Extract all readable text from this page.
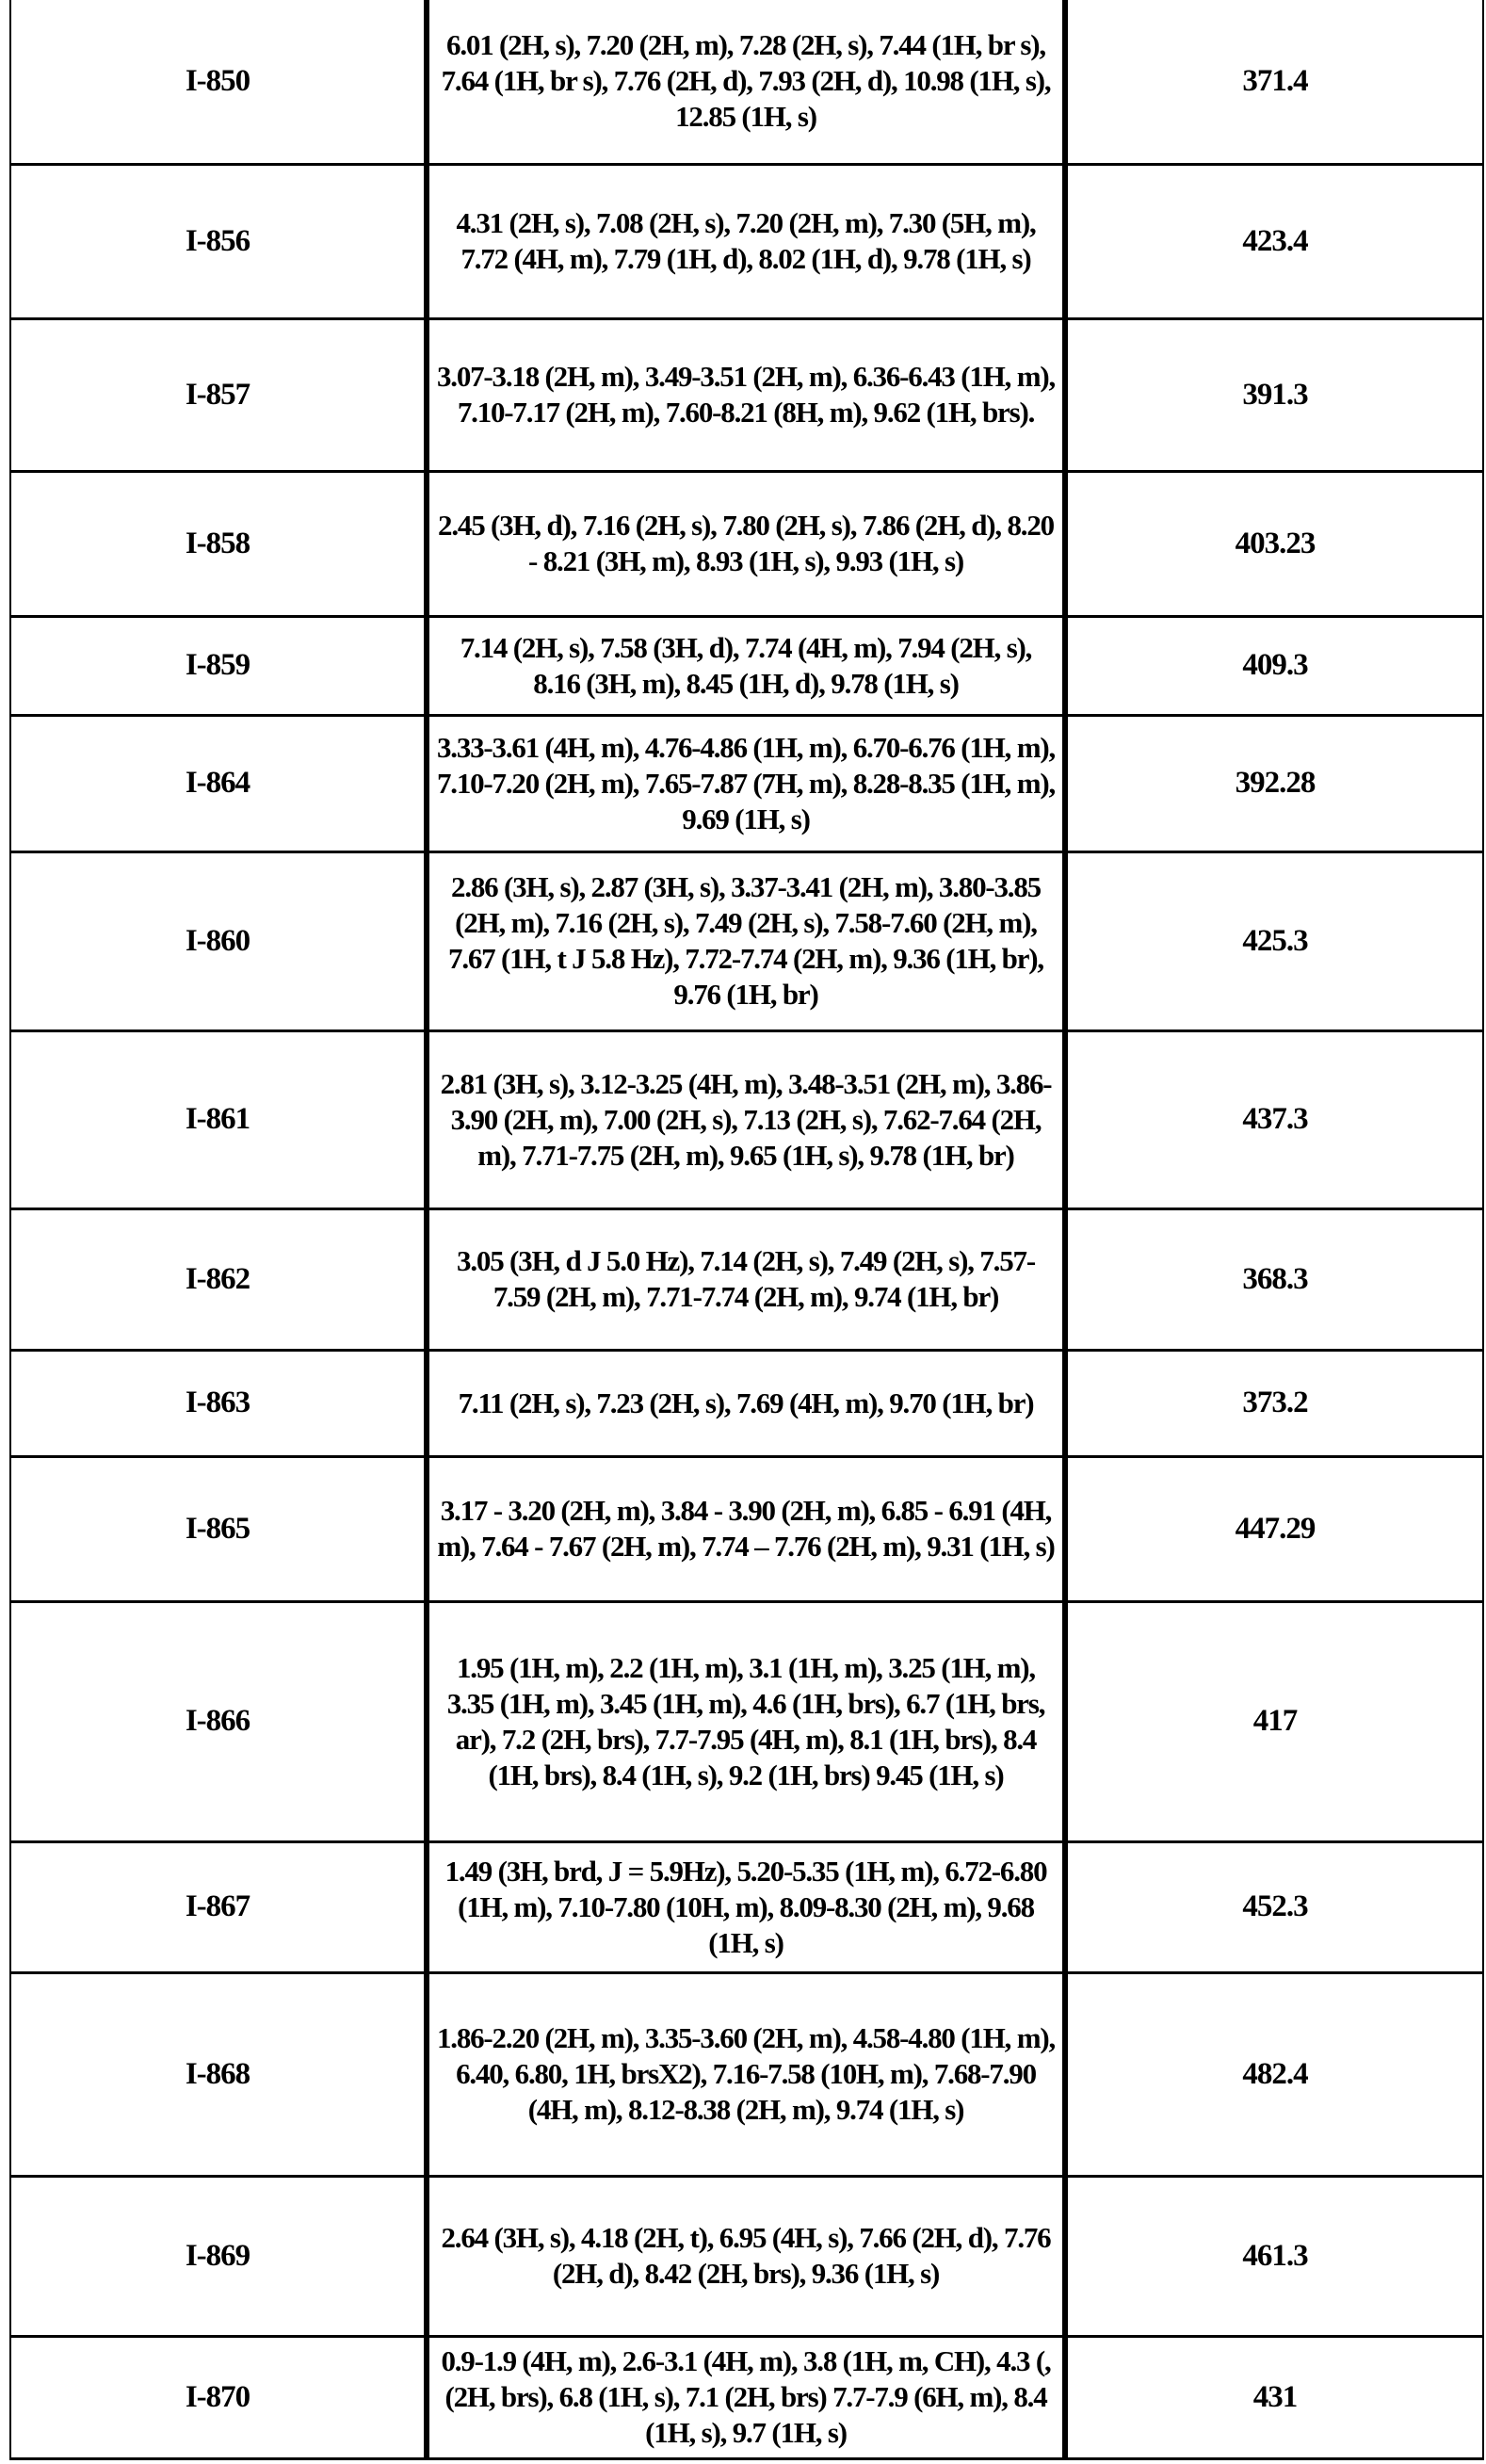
I-850	6.01 (2H, s), 7.20 (2H, m), 7.28 (2H, s), 7.44 (1H, br s), 7.64 (1H, br s), 7.76 (2H, d), 7.93 (2H, d), 10.98 (1H, s), 12.85 (1H, s)	371.4
I-856	4.31 (2H, s), 7.08 (2H, s), 7.20 (2H, m), 7.30 (5H, m), 7.72 (4H, m), 7.79 (1H, d), 8.02 (1H, d), 9.78 (1H, s)	423.4
I-857	3.07-3.18 (2H, m), 3.49-3.51 (2H, m), 6.36-6.43 (1H, m), 7.10-7.17 (2H, m), 7.60-8.21 (8H, m), 9.62 (1H, brs).	391.3
I-858	2.45 (3H, d), 7.16 (2H, s), 7.80 (2H, s), 7.86 (2H, d), 8.20 - 8.21 (3H, m), 8.93 (1H, s), 9.93 (1H, s)	403.23
I-859	7.14 (2H, s), 7.58 (3H, d), 7.74 (4H, m), 7.94 (2H, s), 8.16 (3H, m), 8.45 (1H, d), 9.78 (1H, s)	409.3
I-864	3.33-3.61 (4H, m), 4.76-4.86 (1H, m), 6.70-6.76 (1H, m), 7.10-7.20 (2H, m), 7.65-7.87 (7H, m), 8.28-8.35 (1H, m), 9.69 (1H, s)	392.28
I-860	2.86 (3H, s), 2.87 (3H, s), 3.37-3.41 (2H, m), 3.80-3.85 (2H, m), 7.16 (2H, s), 7.49 (2H, s), 7.58-7.60 (2H, m), 7.67 (1H, t J 5.8 Hz), 7.72-7.74 (2H, m), 9.36 (1H, br), 9.76 (1H, br)	425.3
I-861	2.81 (3H, s), 3.12-3.25 (4H, m), 3.48-3.51 (2H, m), 3.86-3.90 (2H, m), 7.00 (2H, s), 7.13 (2H, s), 7.62-7.64 (2H, m), 7.71-7.75 (2H, m), 9.65 (1H, s), 9.78 (1H, br)	437.3
I-862	3.05 (3H, d J 5.0 Hz), 7.14 (2H, s), 7.49 (2H, s), 7.57-7.59 (2H, m), 7.71-7.74 (2H, m), 9.74 (1H, br)	368.3
I-863	7.11 (2H, s), 7.23 (2H, s), 7.69 (4H, m), 9.70 (1H, br)	373.2
I-865	3.17 - 3.20 (2H, m), 3.84 - 3.90 (2H, m), 6.85 - 6.91 (4H, m), 7.64 - 7.67 (2H, m), 7.74 – 7.76 (2H, m), 9.31 (1H, s)	447.29
I-866	1.95 (1H, m), 2.2 (1H, m), 3.1 (1H, m), 3.25 (1H, m), 3.35 (1H, m), 3.45 (1H, m), 4.6 (1H, brs), 6.7 (1H, brs, ar), 7.2 (2H, brs), 7.7-7.95 (4H, m), 8.1 (1H, brs), 8.4 (1H, brs), 8.4 (1H, s), 9.2 (1H, brs) 9.45 (1H, s)	417
I-867	1.49 (3H, brd, J = 5.9Hz), 5.20-5.35 (1H, m), 6.72-6.80 (1H, m), 7.10-7.80 (10H, m), 8.09-8.30 (2H, m), 9.68 (1H, s)	452.3
I-868	1.86-2.20 (2H, m), 3.35-3.60 (2H, m), 4.58-4.80 (1H, m), 6.40, 6.80, 1H, brsX2), 7.16-7.58 (10H, m), 7.68-7.90 (4H, m), 8.12-8.38 (2H, m), 9.74 (1H, s)	482.4
I-869	2.64 (3H, s), 4.18 (2H, t), 6.95 (4H, s), 7.66 (2H, d), 7.76 (2H, d), 8.42 (2H, brs), 9.36 (1H, s)	461.3
I-870	0.9-1.9 (4H, m), 2.6-3.1 (4H, m), 3.8 (1H, m, CH), 4.3 (, (2H, brs), 6.8 (1H, s), 7.1 (2H, brs) 7.7-7.9 (6H, m), 8.4 (1H, s), 9.7 (1H, s)	431
